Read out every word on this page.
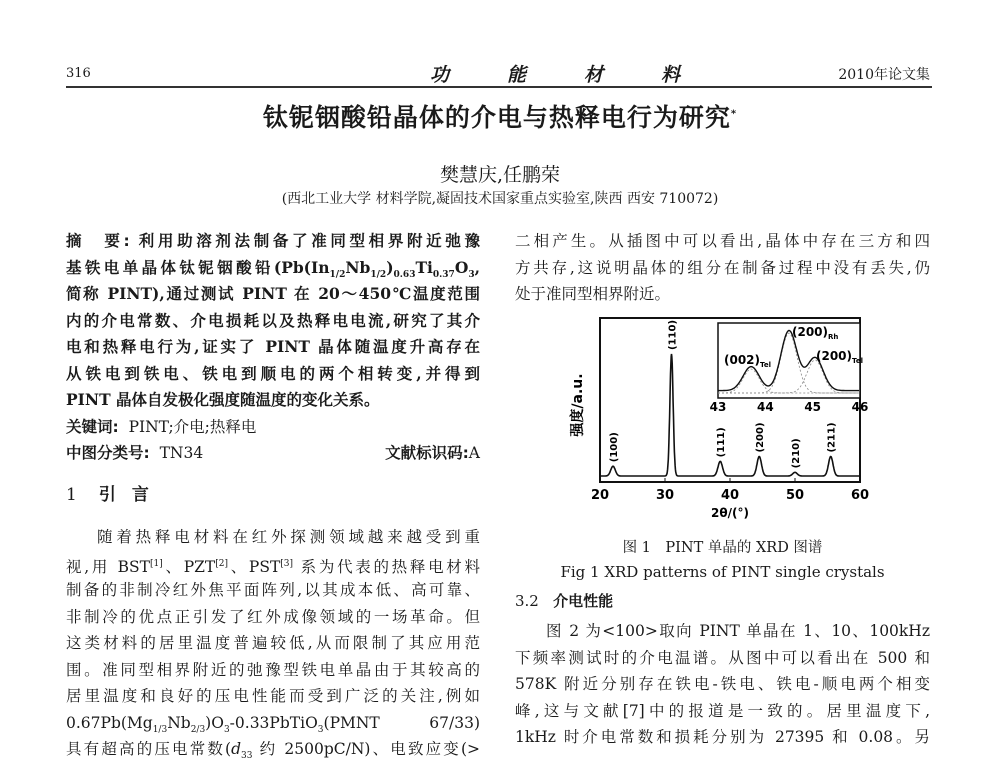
316	功	能	材	料	2010年论文集
钛铌铟酸铅晶体的介电与热释电行为研究*
樊慧庆,任鹏荣
(西北工业大学 材料学院,凝固技术国家重点实验室,陕西 西安 710072)
摘　要: 利用助溶剂法制备了准同型相界附近弛豫
基铁电单晶体钛铌铟酸铅($Pb(In_{1/2}Nb_{1/2})_{0.63}Ti_{0.37}O_3$,
简称 PINT),通过测试 PINT 在 20～450℃温度范围
内的介电常数、介电损耗以及热释电电流,研究了其介
电和热释电行为,证实了 PINT 晶体随温度升高存在
从铁电到铁电、铁电到顺电的两个相转变,并得到
PINT 晶体自发极化强度随温度的变化关系。
关键词: PINT;介电;热释电
中图分类号: TN34	文献标识码:A
1 引言
随着热释电材料在红外探测领域越来越受到重
视,用 BST[1]、PZT[2]、PST[3] 系为代表的热释电材料
制备的非制冷红外焦平面阵列,以其成本低、高可靠、
非制冷的优点正引发了红外成像领域的一场革命。但
这类材料的居里温度普遍较低,从而限制了其应用范
围。准同型相界附近的弛豫型铁电单晶由于其较高的
居里温度和良好的压电性能而受到广泛的关注,例如
$0.67Pb(Mg_{1/3}Nb_{2/3})O_3-0.33PbTiO_3(PMNT$ 67/33)
具有超高的压电常数($d_{33}$ 约 2500pC/N)、电致应变(>
二相产生。从插图中可以看出,晶体中存在三方和四
方共存,这说明晶体的组分在制备过程中没有丢失,仍
处于准同型相界附近。
20	30	40	50	60
2θ/(°)
强度/a.u.
(100)
(110)
(111)	(200)
(210)
(211)
43	44	45	46
$(002)_{Tel}$
$(200)_{Rh}$
$(200)_{Tel}$
图 1　PINT 单晶的 XRD 图谱
Fig 1 XRD patterns of PINT single crystals
3.2 介电性能
图 2 为<100>取向 PINT 单晶在 1、10、100kHz
下频率测试时的介电温谱。从图中可以看出在 500 和
578K 附近分别存在铁电-铁电、铁电-顺电两个相变
峰,这与文献[7]中的报道是一致的。居里温度下,
1kHz 时介电常数和损耗分别为 27395 和 0.08。另
